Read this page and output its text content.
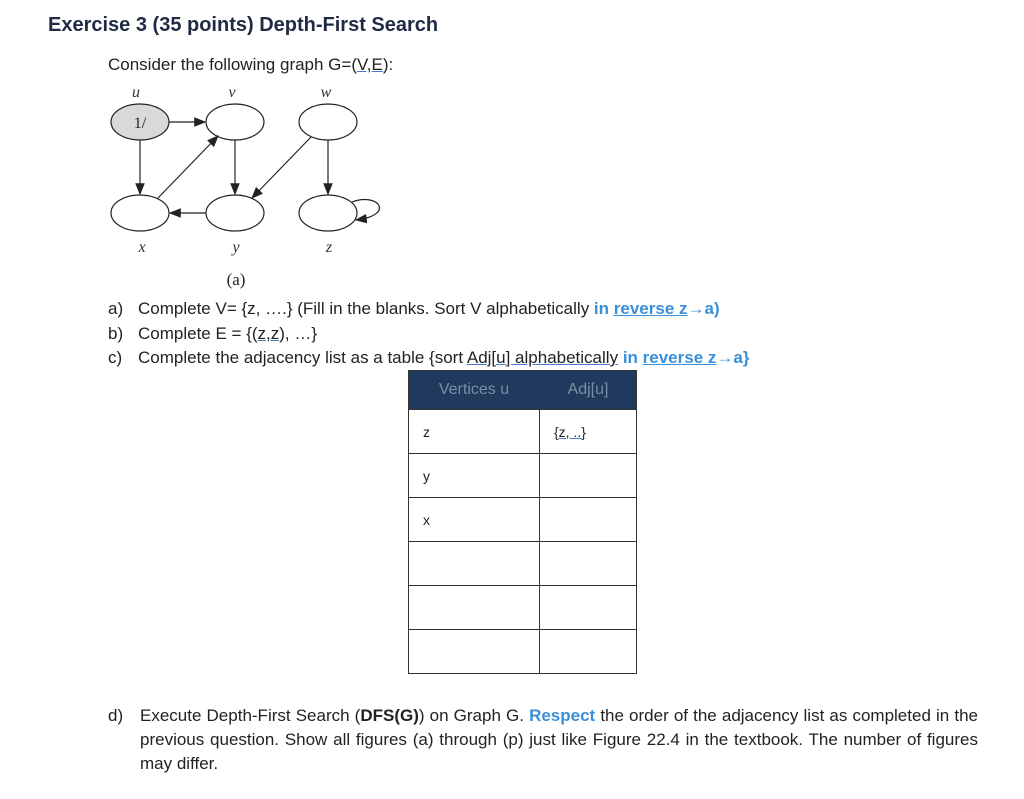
Exercise 3 (35 points) Depth-First Search
Consider the following graph G=(V,E):
u	v	w
1/
x	y	z
(a)
a) Complete V= {z, ….} (Fill in the blanks. Sort V alphabetically in reverse z→a)
b) Complete E = {(z,z), …}
c) Complete the adjacency list as a table {sort Adj[u] alphabetically in reverse z→a}
Vertices u	Adj[u]
z	{z, ..}
y	
x	

d) Execute Depth-First Search (DFS(G)) on Graph G. Respect the order of the adjacency list as completed in the previous question. Show all figures (a) through (p) just like Figure 22.4 in the textbook. The number of figures may differ.
